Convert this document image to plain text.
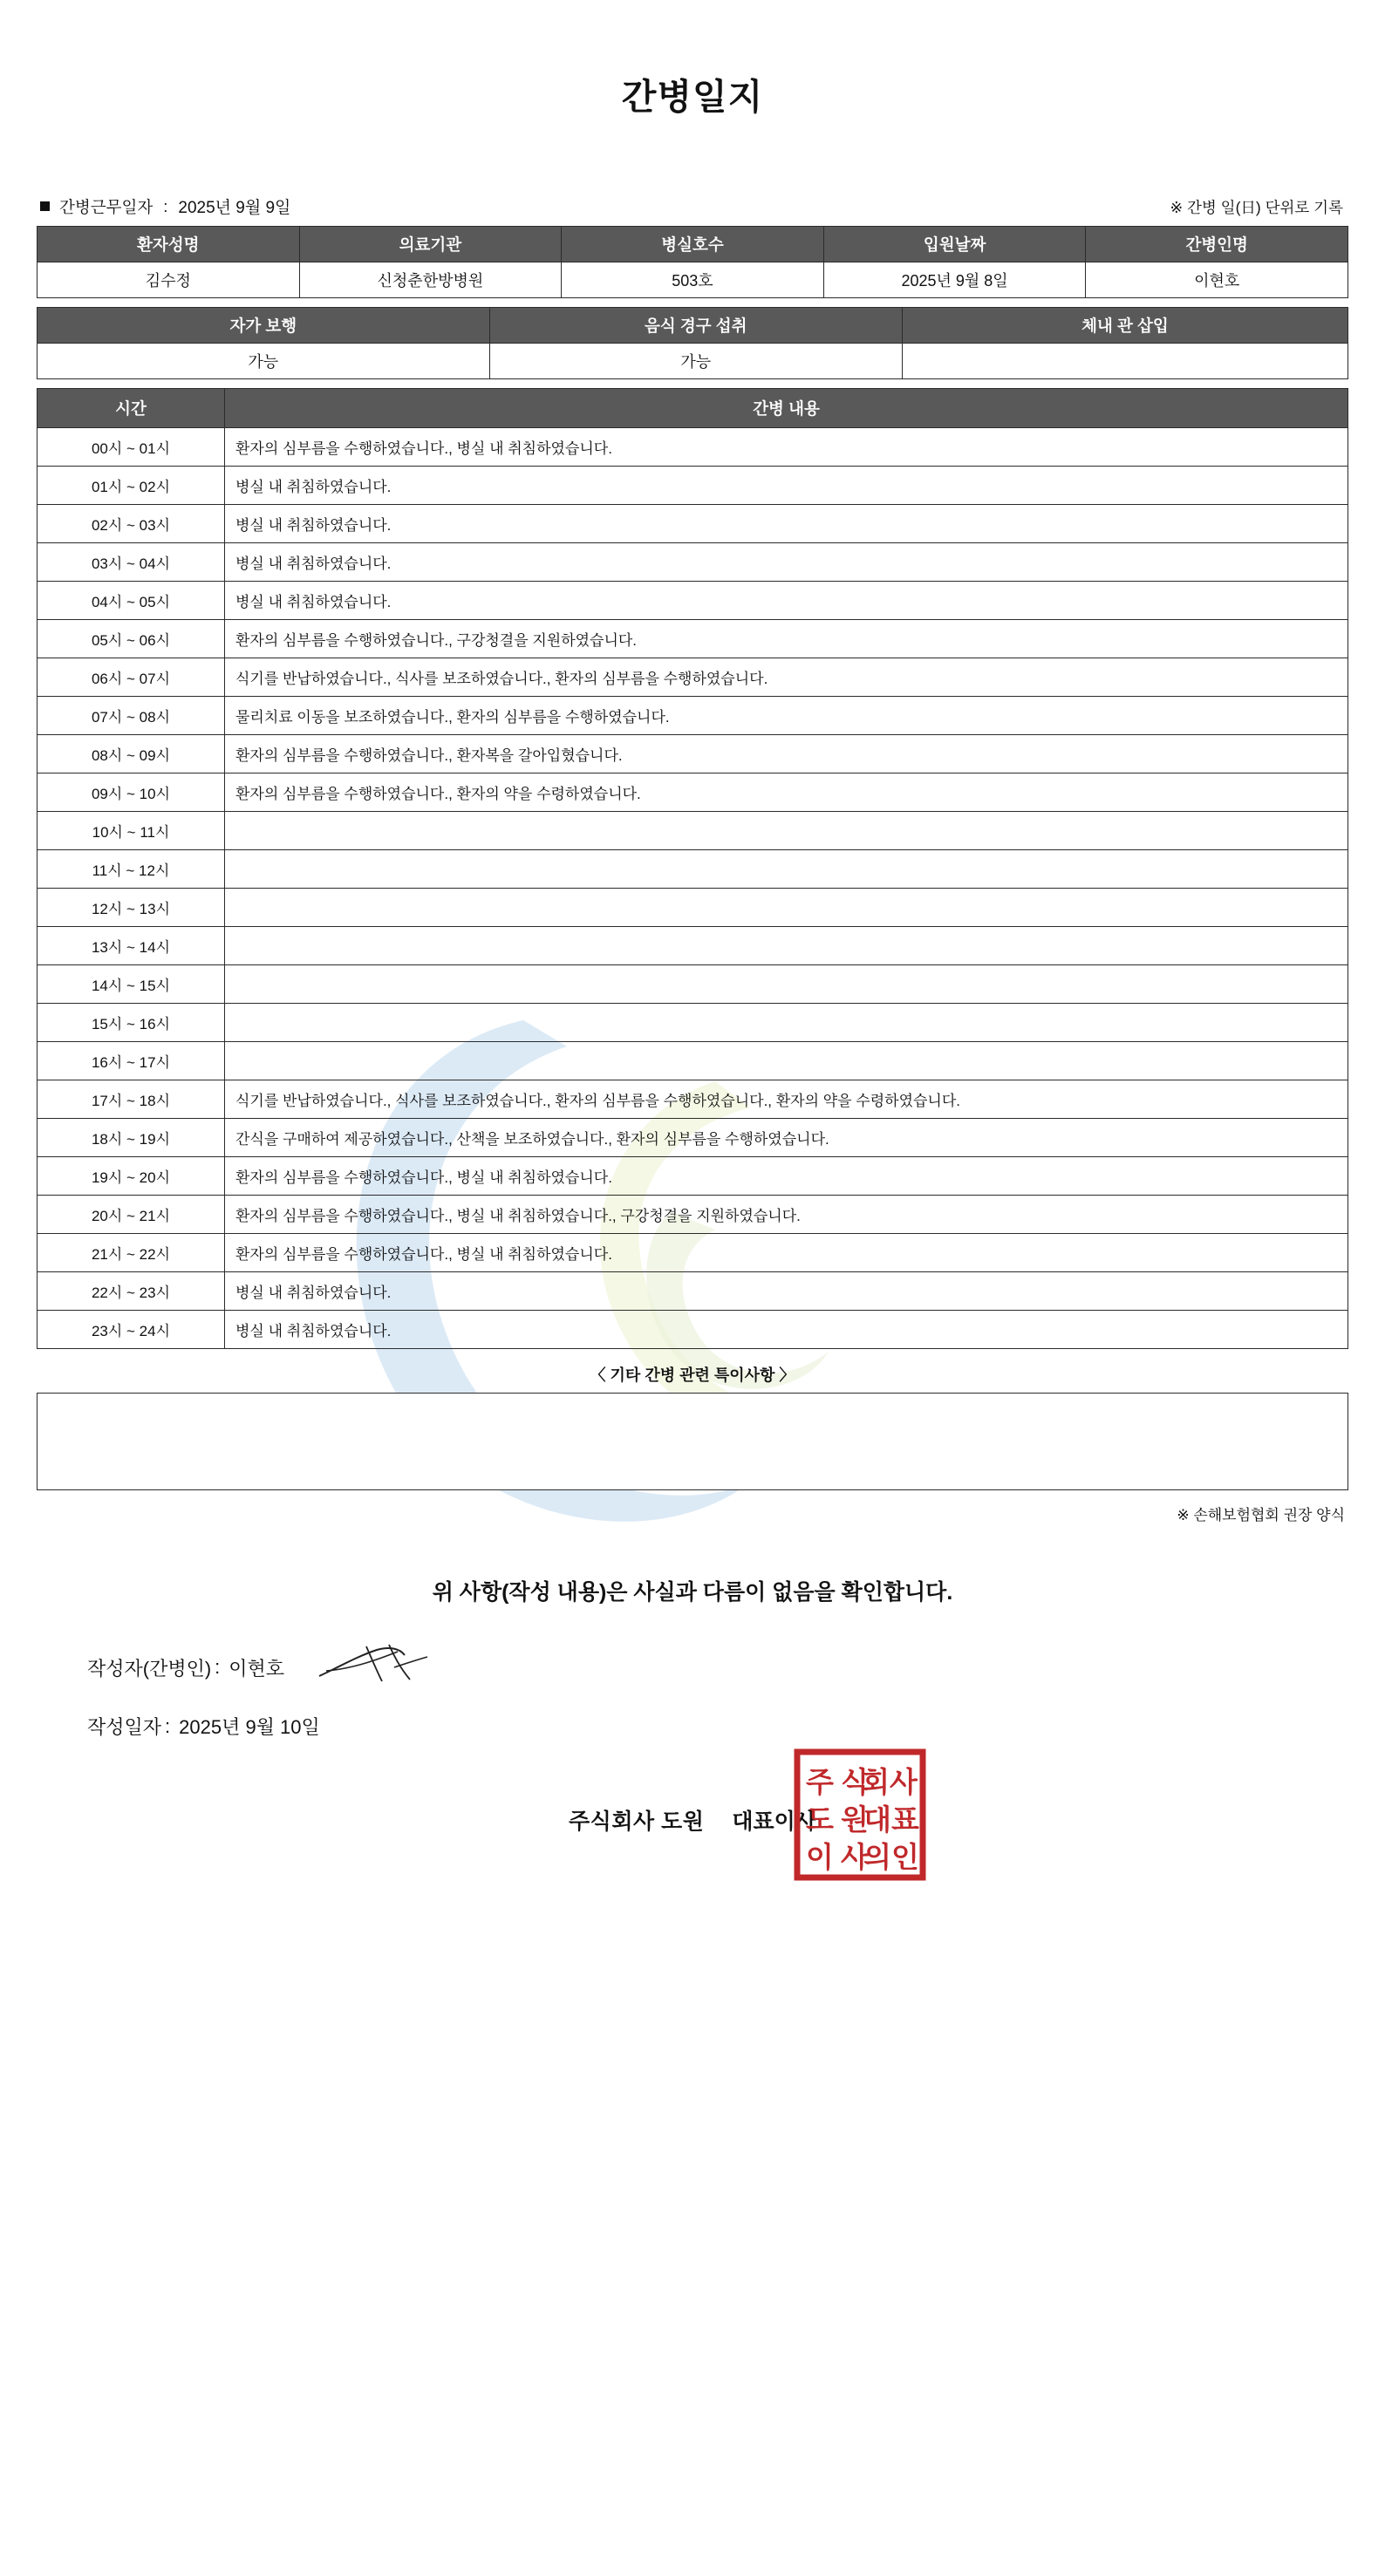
간병일지
간병근무일자 : 2025년 9월 9일	※ 간병 일(日) 단위로 기록
환자성명	의료기관	병실호수	입원날짜	간병인명
김수정	신청춘한방병원	503호	2025년 9월 8일	이현호
자가 보행	음식 경구 섭취	체내 관 삽입
가능	가능	
시간	간병 내용
00시 ~ 01시	환자의 심부름을 수행하였습니다., 병실 내 취침하였습니다.
01시 ~ 02시	병실 내 취침하였습니다.
02시 ~ 03시	병실 내 취침하였습니다.
03시 ~ 04시	병실 내 취침하였습니다.
04시 ~ 05시	병실 내 취침하였습니다.
05시 ~ 06시	환자의 심부름을 수행하였습니다., 구강청결을 지원하였습니다.
06시 ~ 07시	식기를 반납하였습니다., 식사를 보조하였습니다., 환자의 심부름을 수행하였습니다.
07시 ~ 08시	물리치료 이동을 보조하였습니다., 환자의 심부름을 수행하였습니다.
08시 ~ 09시	환자의 심부름을 수행하였습니다., 환자복을 갈아입혔습니다.
09시 ~ 10시	환자의 심부름을 수행하였습니다., 환자의 약을 수령하였습니다.
10시 ~ 11시	
11시 ~ 12시	
12시 ~ 13시	
13시 ~ 14시	
14시 ~ 15시	
15시 ~ 16시	
16시 ~ 17시	
17시 ~ 18시	식기를 반납하였습니다., 식사를 보조하였습니다., 환자의 심부름을 수행하였습니다., 환자의 약을 수령하였습니다.
18시 ~ 19시	간식을 구매하여 제공하였습니다., 산책을 보조하였습니다., 환자의 심부름을 수행하였습니다.
19시 ~ 20시	환자의 심부름을 수행하였습니다., 병실 내 취침하였습니다.
20시 ~ 21시	환자의 심부름을 수행하였습니다., 병실 내 취침하였습니다., 구강청결을 지원하였습니다.
21시 ~ 22시	환자의 심부름을 수행하였습니다., 병실 내 취침하였습니다.
22시 ~ 23시	병실 내 취침하였습니다.
23시 ~ 24시	병실 내 취침하였습니다.
〈 기타 간병 관련 특이사항 〉
※ 손해보험협회 권장 양식
위 사항(작성 내용)은 사실과 다름이 없음을 확인합니다.
작성자(간병인) : 이현호
작성일자 : 2025년 9월 10일
주식회사 도원 대표이사
주 식
회사
도 원
대표
이 사
의인
